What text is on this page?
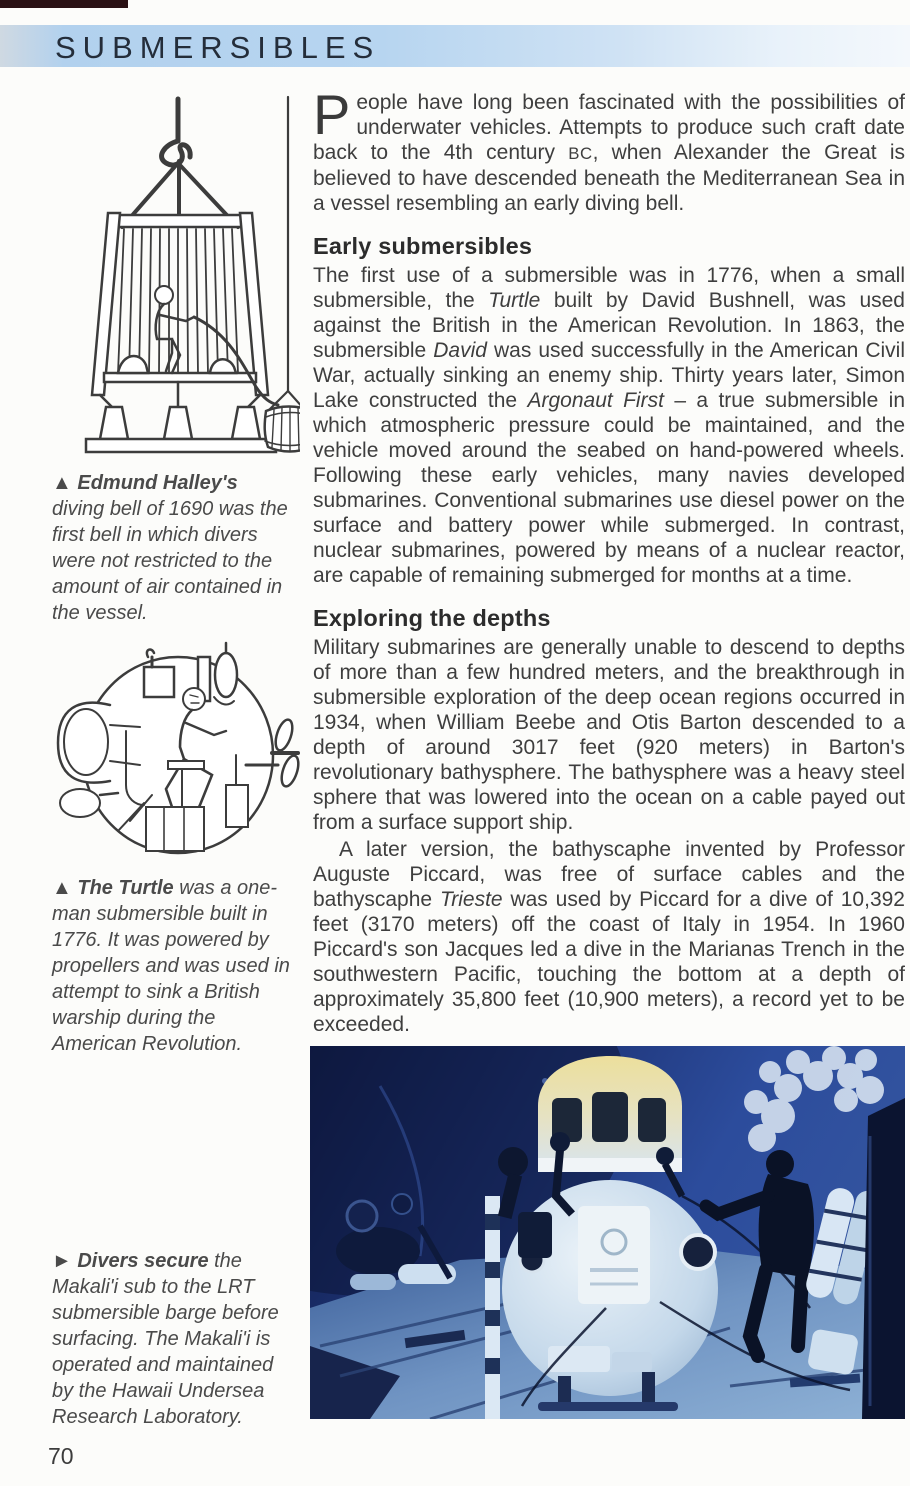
SUBMERSIBLES
▲ Edmund Halley's diving bell of 1690 was the first bell in which divers were not restricted to the amount of air contained in the vessel.
▲ The Turtle was a one-man submersible built in 1776. It was powered by propellers and was used in attempt to sink a British warship during the American Revolution.
► Divers secure the Makali'i sub to the LRT submersible barge before surfacing. The Makali'i is operated and maintained by the Hawaii Undersea Research Laboratory.
70

People have long been fascinated with the possibilities of underwater vehicles. Attempts to produce such craft date back to the 4th century BC, when Alexander the Great is believed to have descended beneath the Mediterranean Sea in a vessel resembling an early diving bell.

Early submersibles

The first use of a submersible was in 1776, when a small submersible, the Turtle built by David Bushnell, was used against the British in the American Revolution. In 1863, the submersible David was used successfully in the American Civil War, actually sinking an enemy ship. Thirty years later, Simon Lake constructed the Argonaut First – a true submersible in which atmospheric pressure could be maintained, and the vehicle moved around the seabed on hand-powered wheels. Following these early vehicles, many navies developed submarines. Conventional submarines use diesel power on the surface and battery power while submerged. In contrast, nuclear submarines, powered by means of a nuclear reactor, are capable of remaining submerged for months at a time.

Exploring the depths

Military submarines are generally unable to descend to depths of more than a few hundred meters, and the breakthrough in submersible exploration of the deep ocean regions occurred in 1934, when William Beebe and Otis Barton descended to a depth of around 3017 feet (920 meters) in Barton's revolutionary bathysphere. The bathysphere was a heavy steel sphere that was lowered into the ocean on a cable payed out from a surface support ship.

A later version, the bathyscaphe invented by Professor Auguste Piccard, was free of surface cables and the bathyscaphe Trieste was used by Piccard for a dive of 10,392 feet (3170 meters) off the coast of Italy in 1954. In 1960 Piccard's son Jacques led a dive in the Marianas Trench in the southwestern Pacific, touching the bottom at a depth of approximately 35,800 feet (10,900 meters), a record yet to be exceeded.
